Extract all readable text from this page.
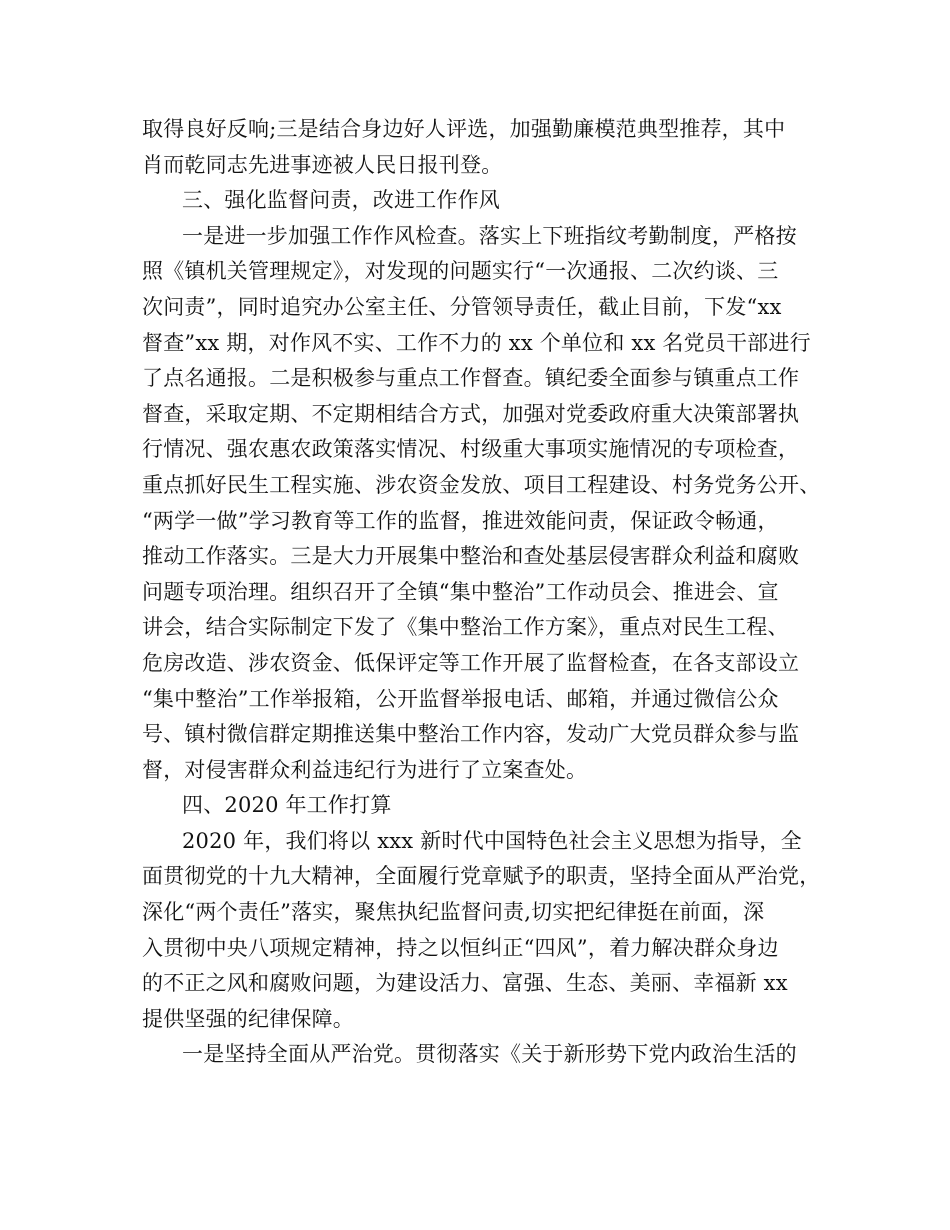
取得良好反响;三是结合身边好人评选，加强勤廉模范典型推荐，其中
肖而乾同志先进事迹被人民日报刊登。
三、强化监督问责，改进工作作风
一是进一步加强工作作风检查。落实上下班指纹考勤制度，严格按
照《镇机关管理规定》，对发现的问题实行“一次通报、二次约谈、三
次问责”，同时追究办公室主任、分管领导责任，截止目前，下发“xx
督查”xx 期，对作风不实、工作不力的 xx 个单位和 xx 名党员干部进行
了点名通报。二是积极参与重点工作督查。镇纪委全面参与镇重点工作
督查，采取定期、不定期相结合方式，加强对党委政府重大决策部署执
行情况、强农惠农政策落实情况、村级重大事项实施情况的专项检查，
重点抓好民生工程实施、涉农资金发放、项目工程建设、村务党务公开、
“两学一做”学习教育等工作的监督，推进效能问责，保证政令畅通，
推动工作落实。三是大力开展集中整治和查处基层侵害群众利益和腐败
问题专项治理。组织召开了全镇“集中整治”工作动员会、推进会、宣
讲会，结合实际制定下发了《集中整治工作方案》，重点对民生工程、
危房改造、涉农资金、低保评定等工作开展了监督检查，在各支部设立
“集中整治”工作举报箱，公开监督举报电话、邮箱，并通过微信公众
号、镇村微信群定期推送集中整治工作内容，发动广大党员群众参与监
督，对侵害群众利益违纪行为进行了立案查处。
四、2020 年工作打算
2020 年，我们将以 xxx 新时代中国特色社会主义思想为指导，全
面贯彻党的十九大精神，全面履行党章赋予的职责，坚持全面从严治党，
深化“两个责任”落实，聚焦执纪监督问责,切实把纪律挺在前面，深
入贯彻中央八项规定精神，持之以恒纠正“四风”，着力解决群众身边
的不正之风和腐败问题，为建设活力、富强、生态、美丽、幸福新 xx
提供坚强的纪律保障。
一是坚持全面从严治党。贯彻落实《关于新形势下党内政治生活的
